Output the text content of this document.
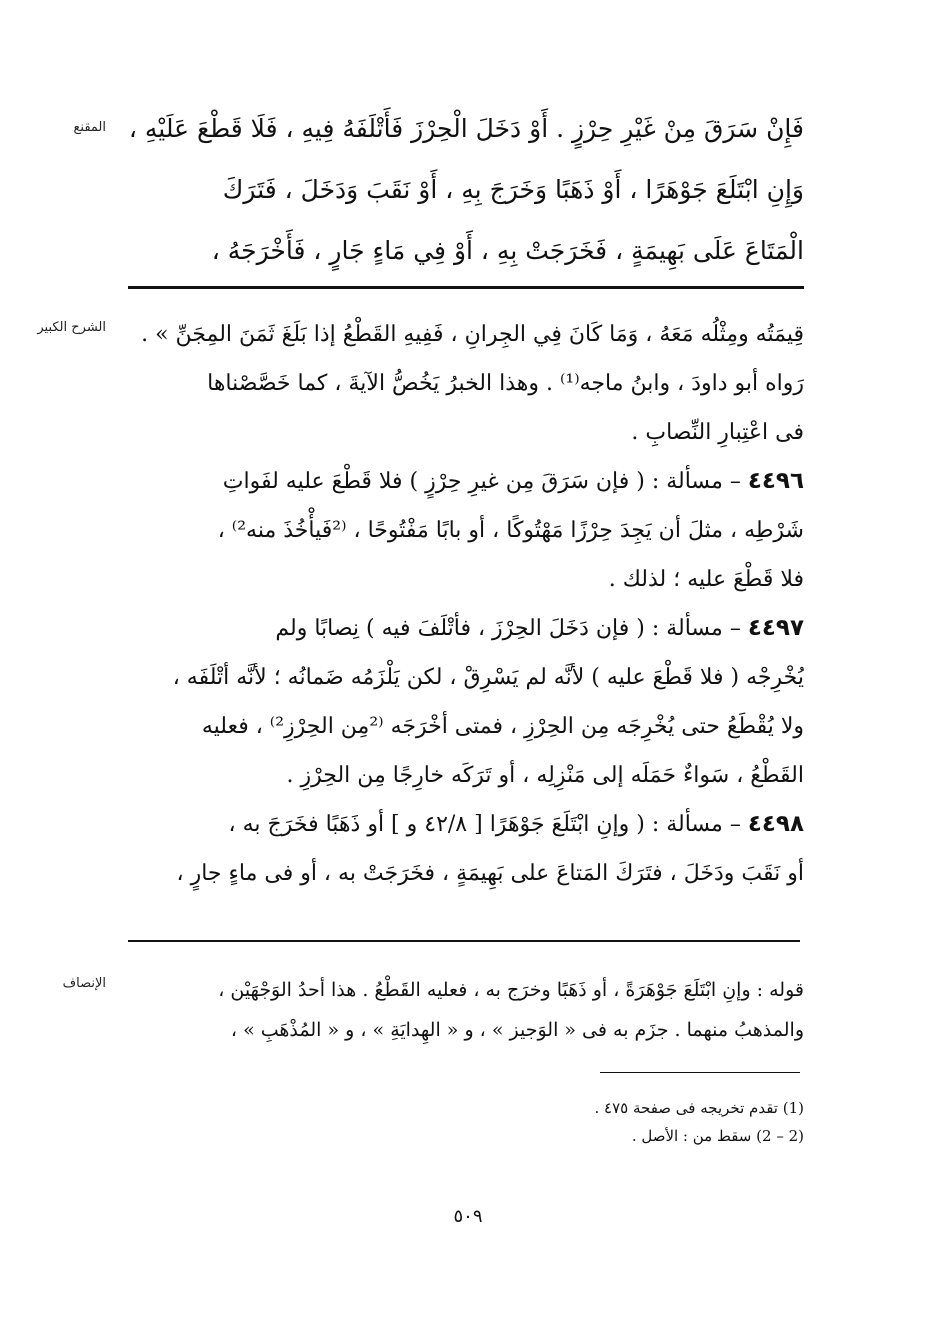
المقنع فَإِنْ سَرَقَ مِنْ غَيْرِ حِرْزٍ . أَوْ دَخَلَ الْحِرْزَ فَأَتْلَفَهُ فِيهِ ، فَلَا قَطْعَ عَلَيْهِ ،
وَإِنِ ابْتَلَعَ جَوْهَرًا ، أَوْ ذَهَبًا وَخَرَجَ بِهِ ، أَوْ نَقَبَ وَدَخَلَ ، فَتَرَكَ
الْمَتَاعَ عَلَى بَهِيمَةٍ ، فَخَرَجَتْ بِهِ ، أَوْ فِي مَاءٍ جَارٍ ، فَأَخْرَجَهُ ،
الشرح الكبير	قِيمَتُه ومِثْلُه مَعَهُ ، وَمَا كَانَ فِي الجِرانِ ، فَفِيهِ القَطْعُ إذا بَلَغَ ثَمَنَ المِجَنِّ » .
رَواه أبو داودَ ، وابنُ ماجه⁽¹⁾ . وهذا الخبرُ يَخُصُّ الآيةَ ، كما خَصَّصْناها
فى اعْتِبارِ النِّصابِ .
٤٤٩٦ – مسألة : ( فإن سَرَقَ مِن غيرِ حِرْزٍ ) فلا قَطْعَ عليه لفَواتِ
شَرْطِه ، مثلَ أن يَجِدَ حِرْزًا مَهْتُوكًا ، أو بابًا مَفْتُوحًا ، ⁽²فَيأْخُذَ منه²⁾ ،
فلا قَطْعَ عليه ؛ لذلك .
٤٤٩٧ – مسألة : ( فإن دَخَلَ الحِرْزَ ، فأتْلَفَ فيه ) نِصابًا ولم
يُخْرِجْه ( فلا قَطْعَ عليه ) لأنَّه لم يَسْرِقْ ، لكن يَلْزَمُه ضَمانُه ؛ لأنَّه أتْلَفَه ،
ولا يُقْطَعُ حتى يُخْرِجَه مِن الحِرْزِ ، فمتى أخْرَجَه ⁽²مِن الحِرْزِ²⁾ ، فعليه
القَطْعُ ، سَواءٌ حَمَلَه إلى مَنْزِلِه ، أو تَرَكَه خارِجًا مِن الحِرْزِ .
٤٤٩٨ – مسألة : ( وإنِ ابْتَلَعَ جَوْهَرًا [ ٤٢/٨ و ] أو ذَهَبًا فخَرَجَ به ،
أو نَقَبَ ودَخَلَ ، فتَرَكَ المَتاعَ على بَهِيمَةٍ ، فخَرَجَتْ به ، أو فى ماءٍ جارٍ ،
الإنصاف	قوله : وإنِ ابْتَلَعَ جَوْهَرَةً ، أو ذَهَبًا وخرَج به ، فعليه القَطْعُ . هذا أحدُ الوَجْهَيْن ،
والمذهبُ منهما . جزَم به فى « الوَجيز » ، و « الهِدايَةِ » ، و « المُذْهَبِ » ،
(1) تقدم تخريجه فى صفحة ٤٧٥ .
(2 – 2) سقط من : الأصل .
٥٠٩
